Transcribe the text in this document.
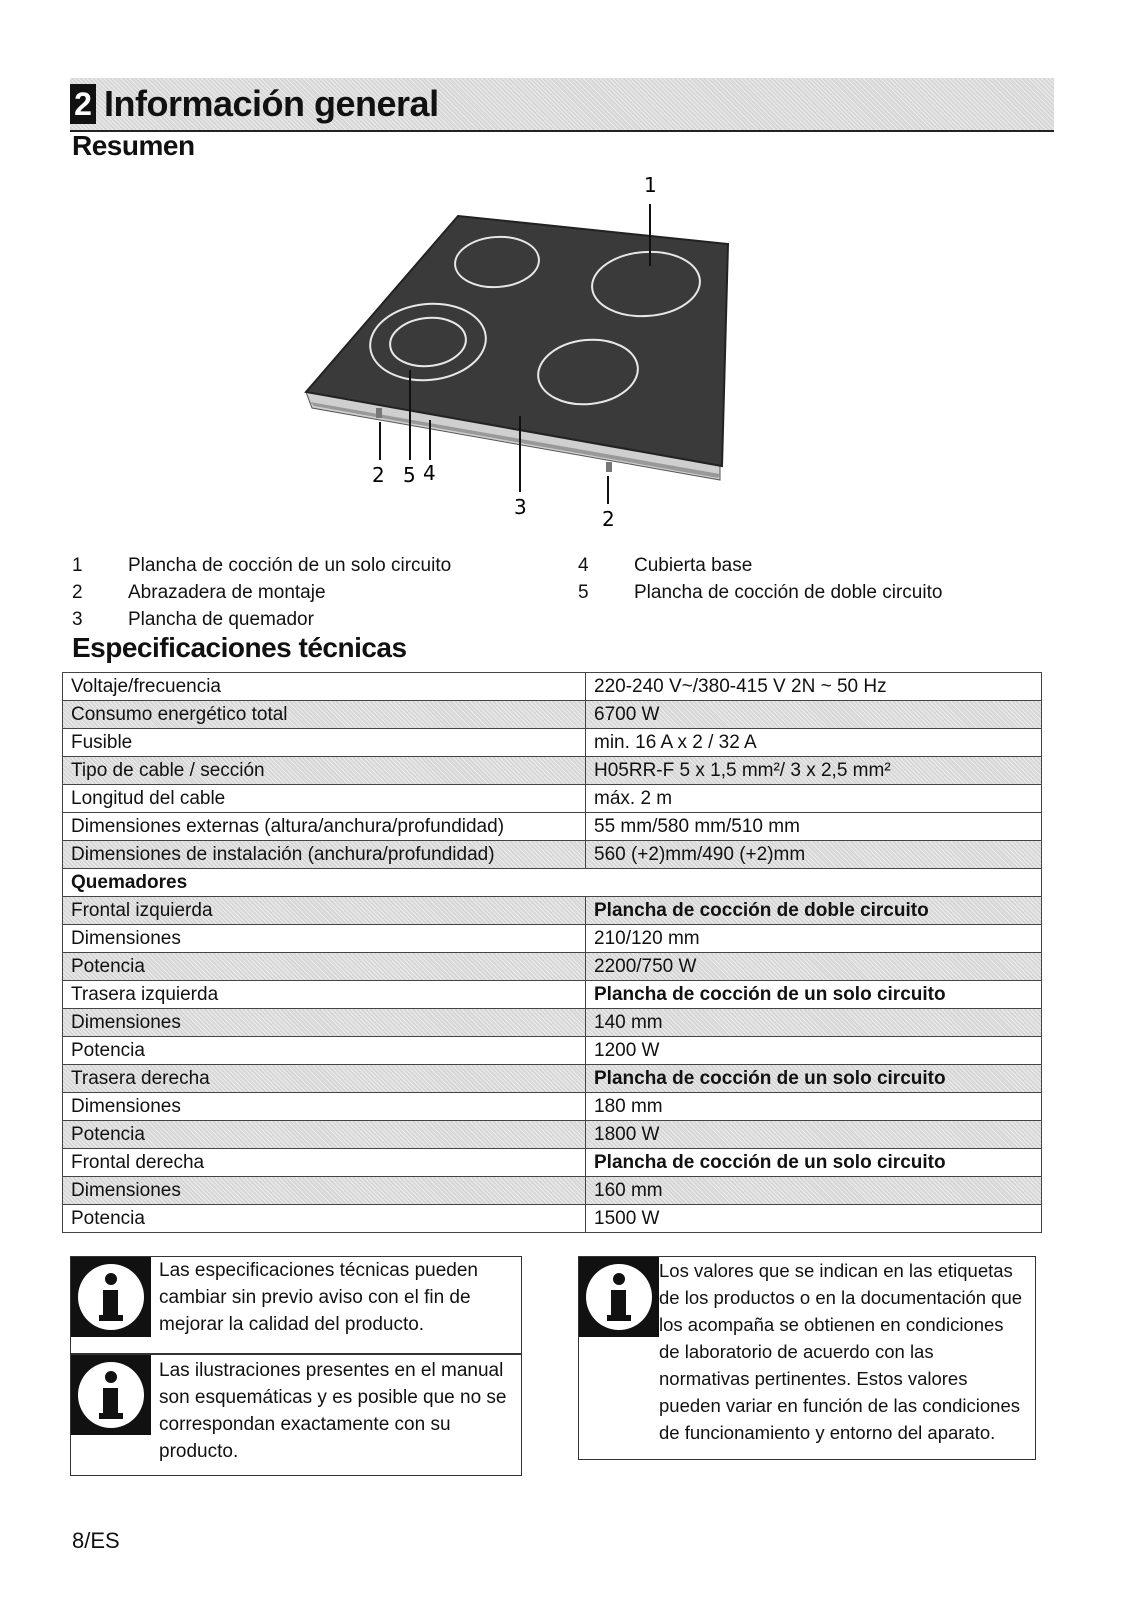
2 Información general
Resumen
1
2 5 4
3	2
1	Plancha de cocción de un solo circuito
2	Abrazadera de montaje
3	Plancha de quemador
4	Cubierta base
5	Plancha de cocción de doble circuito
Especificaciones técnicas
Voltaje/frecuencia	220-240 V~/380-415 V 2N ~ 50 Hz
Consumo energético total	6700 W
Fusible	min. 16 A x 2 / 32 A
Tipo de cable / sección	H05RR-F 5 x 1,5 mm²/ 3 x 2,5 mm²
Longitud del cable	máx. 2 m
Dimensiones externas (altura/anchura/profundidad)	55 mm/580 mm/510 mm
Dimensiones de instalación (anchura/profundidad)	560 (+2)mm/490 (+2)mm
Quemadores	
Frontal izquierda	Plancha de cocción de doble circuito
Dimensiones	210/120 mm
Potencia	2200/750 W
Trasera izquierda	Plancha de cocción de un solo circuito
Dimensiones	140 mm
Potencia	1200 W
Trasera derecha	Plancha de cocción de un solo circuito
Dimensiones	180 mm
Potencia	1800 W
Frontal derecha	Plancha de cocción de un solo circuito
Dimensiones	160 mm
Potencia	1500 W
Las especificaciones técnicas pueden
cambiar sin previo aviso con el fin de
mejorar la calidad del producto.
Las ilustraciones presentes en el manual
son esquemáticas y es posible que no se
correspondan exactamente con su
producto.
Los valores que se indican en las etiquetas
de los productos o en la documentación que
los acompaña se obtienen en condiciones
de laboratorio de acuerdo con las
normativas pertinentes. Estos valores
pueden variar en función de las condiciones
de funcionamiento y entorno del aparato.
8/ES
